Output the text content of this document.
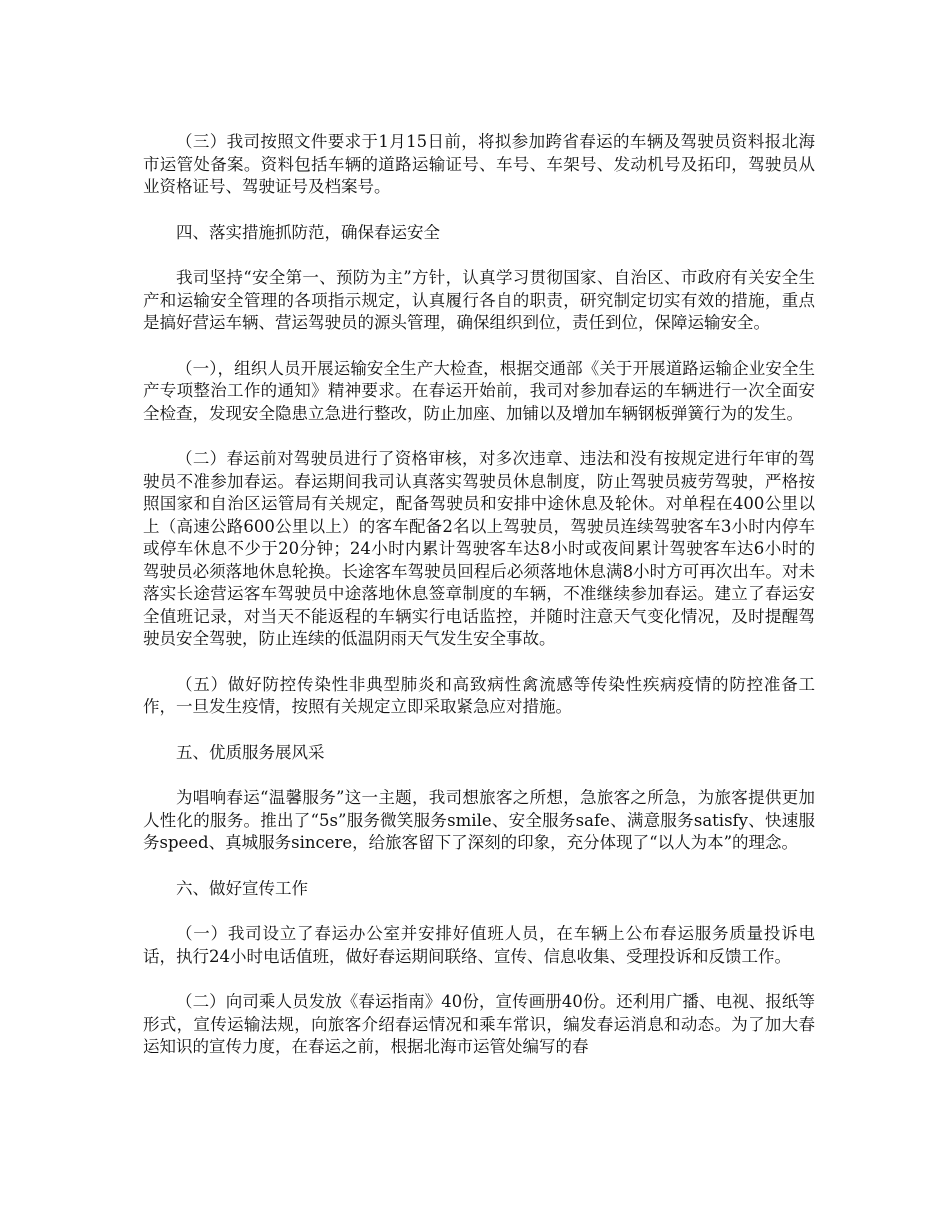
（三）我司按照文件要求于1月15日前，将拟参加跨省春运的车辆及驾驶员资料报北海市运管处备案。资料包括车辆的道路运输证号、车号、车架号、发动机号及拓印，驾驶员从业资格证号、驾驶证号及档案号。

四、落实措施抓防范，确保春运安全

我司坚持“安全第一、预防为主”方针，认真学习贯彻国家、自治区、市政府有关安全生产和运输安全管理的各项指示规定，认真履行各自的职责，研究制定切实有效的措施，重点是搞好营运车辆、营运驾驶员的源头管理，确保组织到位，责任到位，保障运输安全。

（一），组织人员开展运输安全生产大检查，根据交通部《关于开展道路运输企业安全生产专项整治工作的通知》精神要求。在春运开始前，我司对参加春运的车辆进行一次全面安全检查，发现安全隐患立急进行整改，防止加座、加铺以及增加车辆钢板弹簧行为的发生。

（二）春运前对驾驶员进行了资格审核，对多次违章、违法和没有按规定进行年审的驾驶员不准参加春运。春运期间我司认真落实驾驶员休息制度，防止驾驶员疲劳驾驶，严格按照国家和自治区运管局有关规定，配备驾驶员和安排中途休息及轮休。对单程在400公里以上（高速公路600公里以上）的客车配备2名以上驾驶员，驾驶员连续驾驶客车3小时内停车或停车休息不少于20分钟；24小时内累计驾驶客车达8小时或夜间累计驾驶客车达6小时的驾驶员必须落地休息轮换。长途客车驾驶员回程后必须落地休息满8小时方可再次出车。对未落实长途营运客车驾驶员中途落地休息签章制度的车辆，不准继续参加春运。建立了春运安全值班记录，对当天不能返程的车辆实行电话监控，并随时注意天气变化情况，及时提醒驾驶员安全驾驶，防止连续的低温阴雨天气发生安全事故。

（五）做好防控传染性非典型肺炎和高致病性禽流感等传染性疾病疫情的防控准备工作，一旦发生疫情，按照有关规定立即采取紧急应对措施。

五、优质服务展风采

为唱响春运“温馨服务”这一主题，我司想旅客之所想，急旅客之所急，为旅客提供更加人性化的服务。推出了“5s”服务微笑服务smile、安全服务safe、满意服务satisfy、快速服务speed、真城服务sincere，给旅客留下了深刻的印象，充分体现了“以人为本”的理念。

六、做好宣传工作

（一）我司设立了春运办公室并安排好值班人员，在车辆上公布春运服务质量投诉电话，执行24小时电话值班，做好春运期间联络、宣传、信息收集、受理投诉和反馈工作。

（二）向司乘人员发放《春运指南》40份，宣传画册40份。还利用广播、电视、报纸等形式，宣传运输法规，向旅客介绍春运情况和乘车常识，编发春运消息和动态。为了加大春运知识的宣传力度，在春运之前，根据北海市运管处编写的春
